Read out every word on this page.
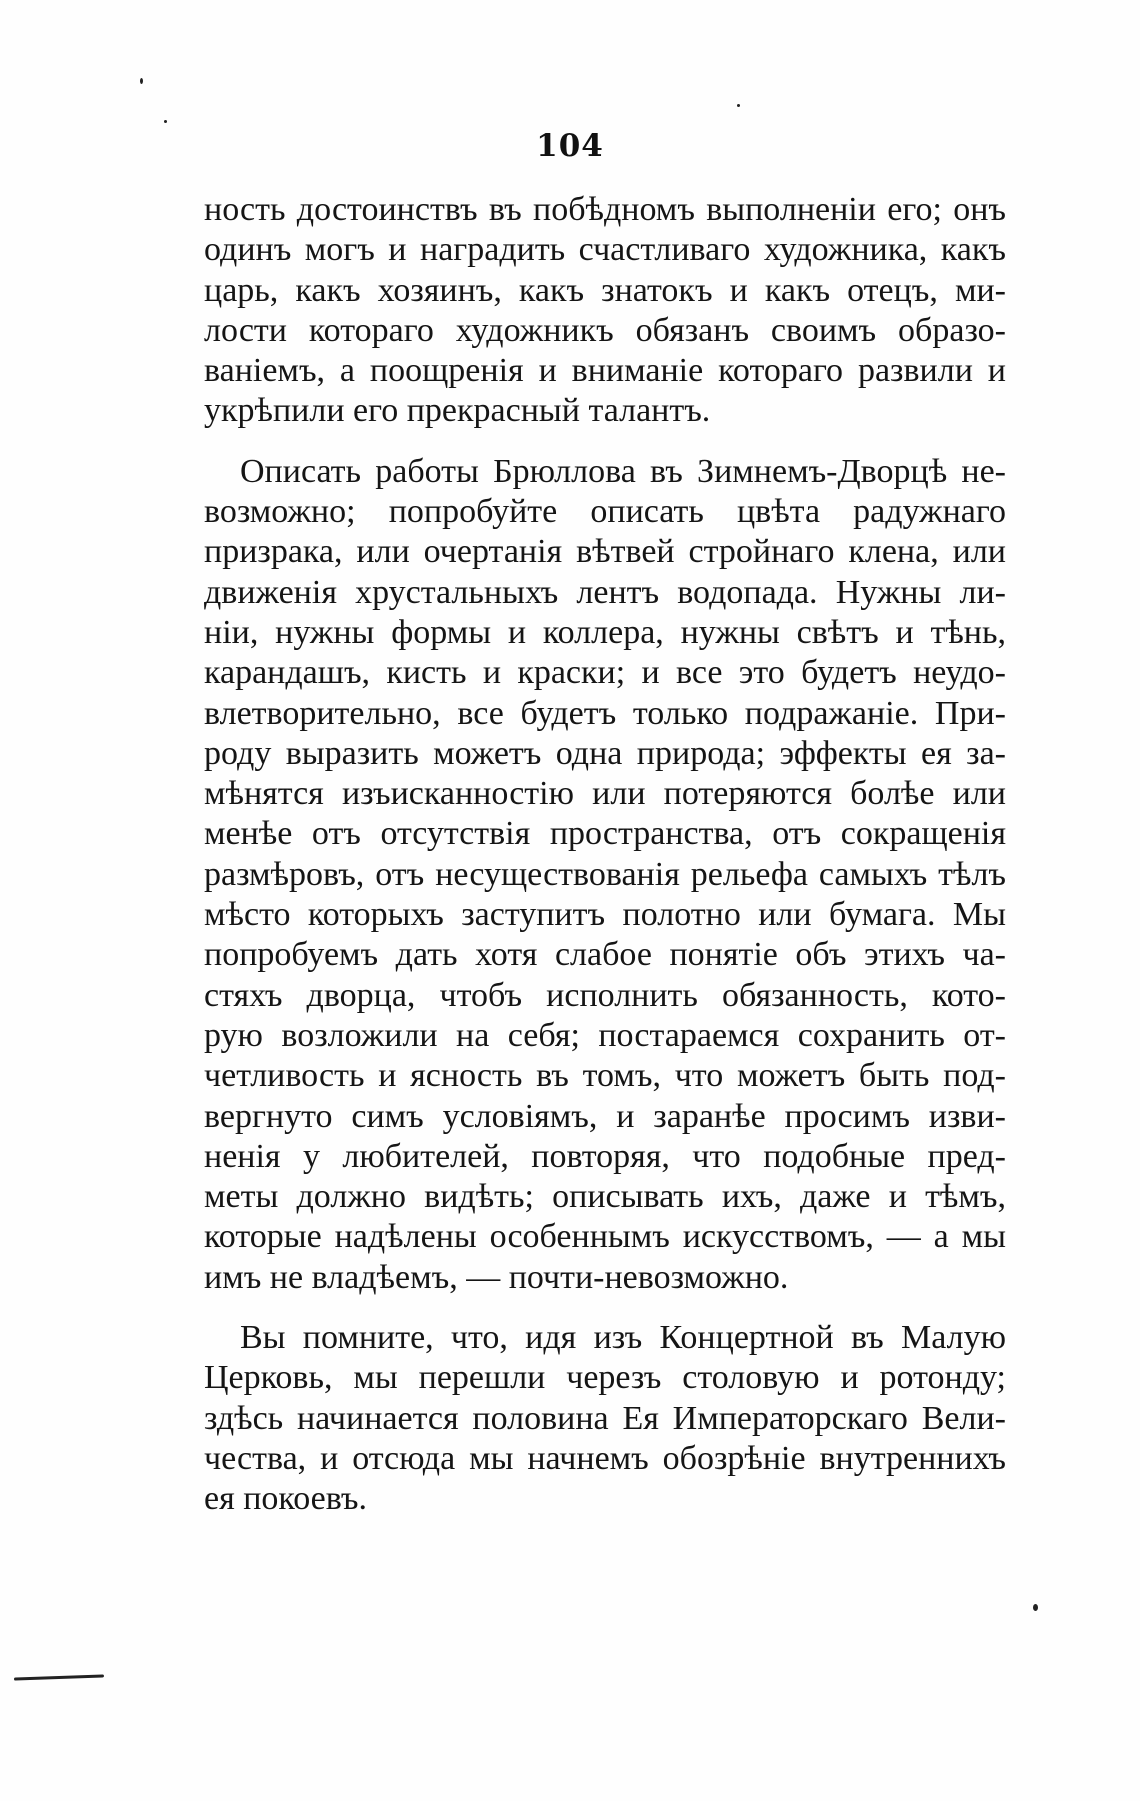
104

ность достоинствъ въ побѣдномъ выполненіи его; онъ
одинъ могъ и наградить счастливаго художника, какъ
царь, какъ хозяинъ, какъ знатокъ и какъ отецъ, ми-
лости котораго художникъ обязанъ своимъ образо-
ваніемъ, а поощренія и вниманіе котораго развили и
укрѣпили его прекрасный талантъ.

Описать работы Брюллова въ Зимнемъ-Дворцѣ не-
возможно; попробуйте описать цвѣта радужнаго
призрака, или очертанія вѣтвей стройнаго клена, или
движенія хрустальныхъ лентъ водопада. Нужны ли-
ніи, нужны формы и коллера, нужны свѣтъ и тѣнь,
карандашъ, кисть и краски; и все это будетъ неудо-
влетворительно, все будетъ только подражаніе. При-
роду выразить можетъ одна природа; эффекты ея за-
мѣнятся изъисканностію или потеряются болѣе или
менѣе отъ отсутствія пространства, отъ сокращенія
размѣровъ, отъ несуществованія рельефа самыхъ тѣлъ
мѣсто которыхъ заступитъ полотно или бумага. Мы
попробуемъ дать хотя слабое понятіе объ этихъ ча-
стяхъ дворца, чтобъ исполнить обязанность, кото-
рую возложили на себя; постараемся сохранить от-
четливость и ясность въ томъ, что можетъ быть под-
вергнуто симъ условіямъ, и заранѣе просимъ изви-
ненія у любителей, повторяя, что подобные пред-
меты должно видѣть; описывать ихъ, даже и тѣмъ,
которые надѣлены особеннымъ искусствомъ, — а мы
имъ не владѣемъ, — почти-невозможно.

Вы помните, что, идя изъ Концертной въ Малую
Церковь, мы перешли черезъ столовую и ротонду;
здѣсь начинается половина Ея Императорскаго Вели-
чества, и отсюда мы начнемъ обозрѣніе внутреннихъ
ея покоевъ.
